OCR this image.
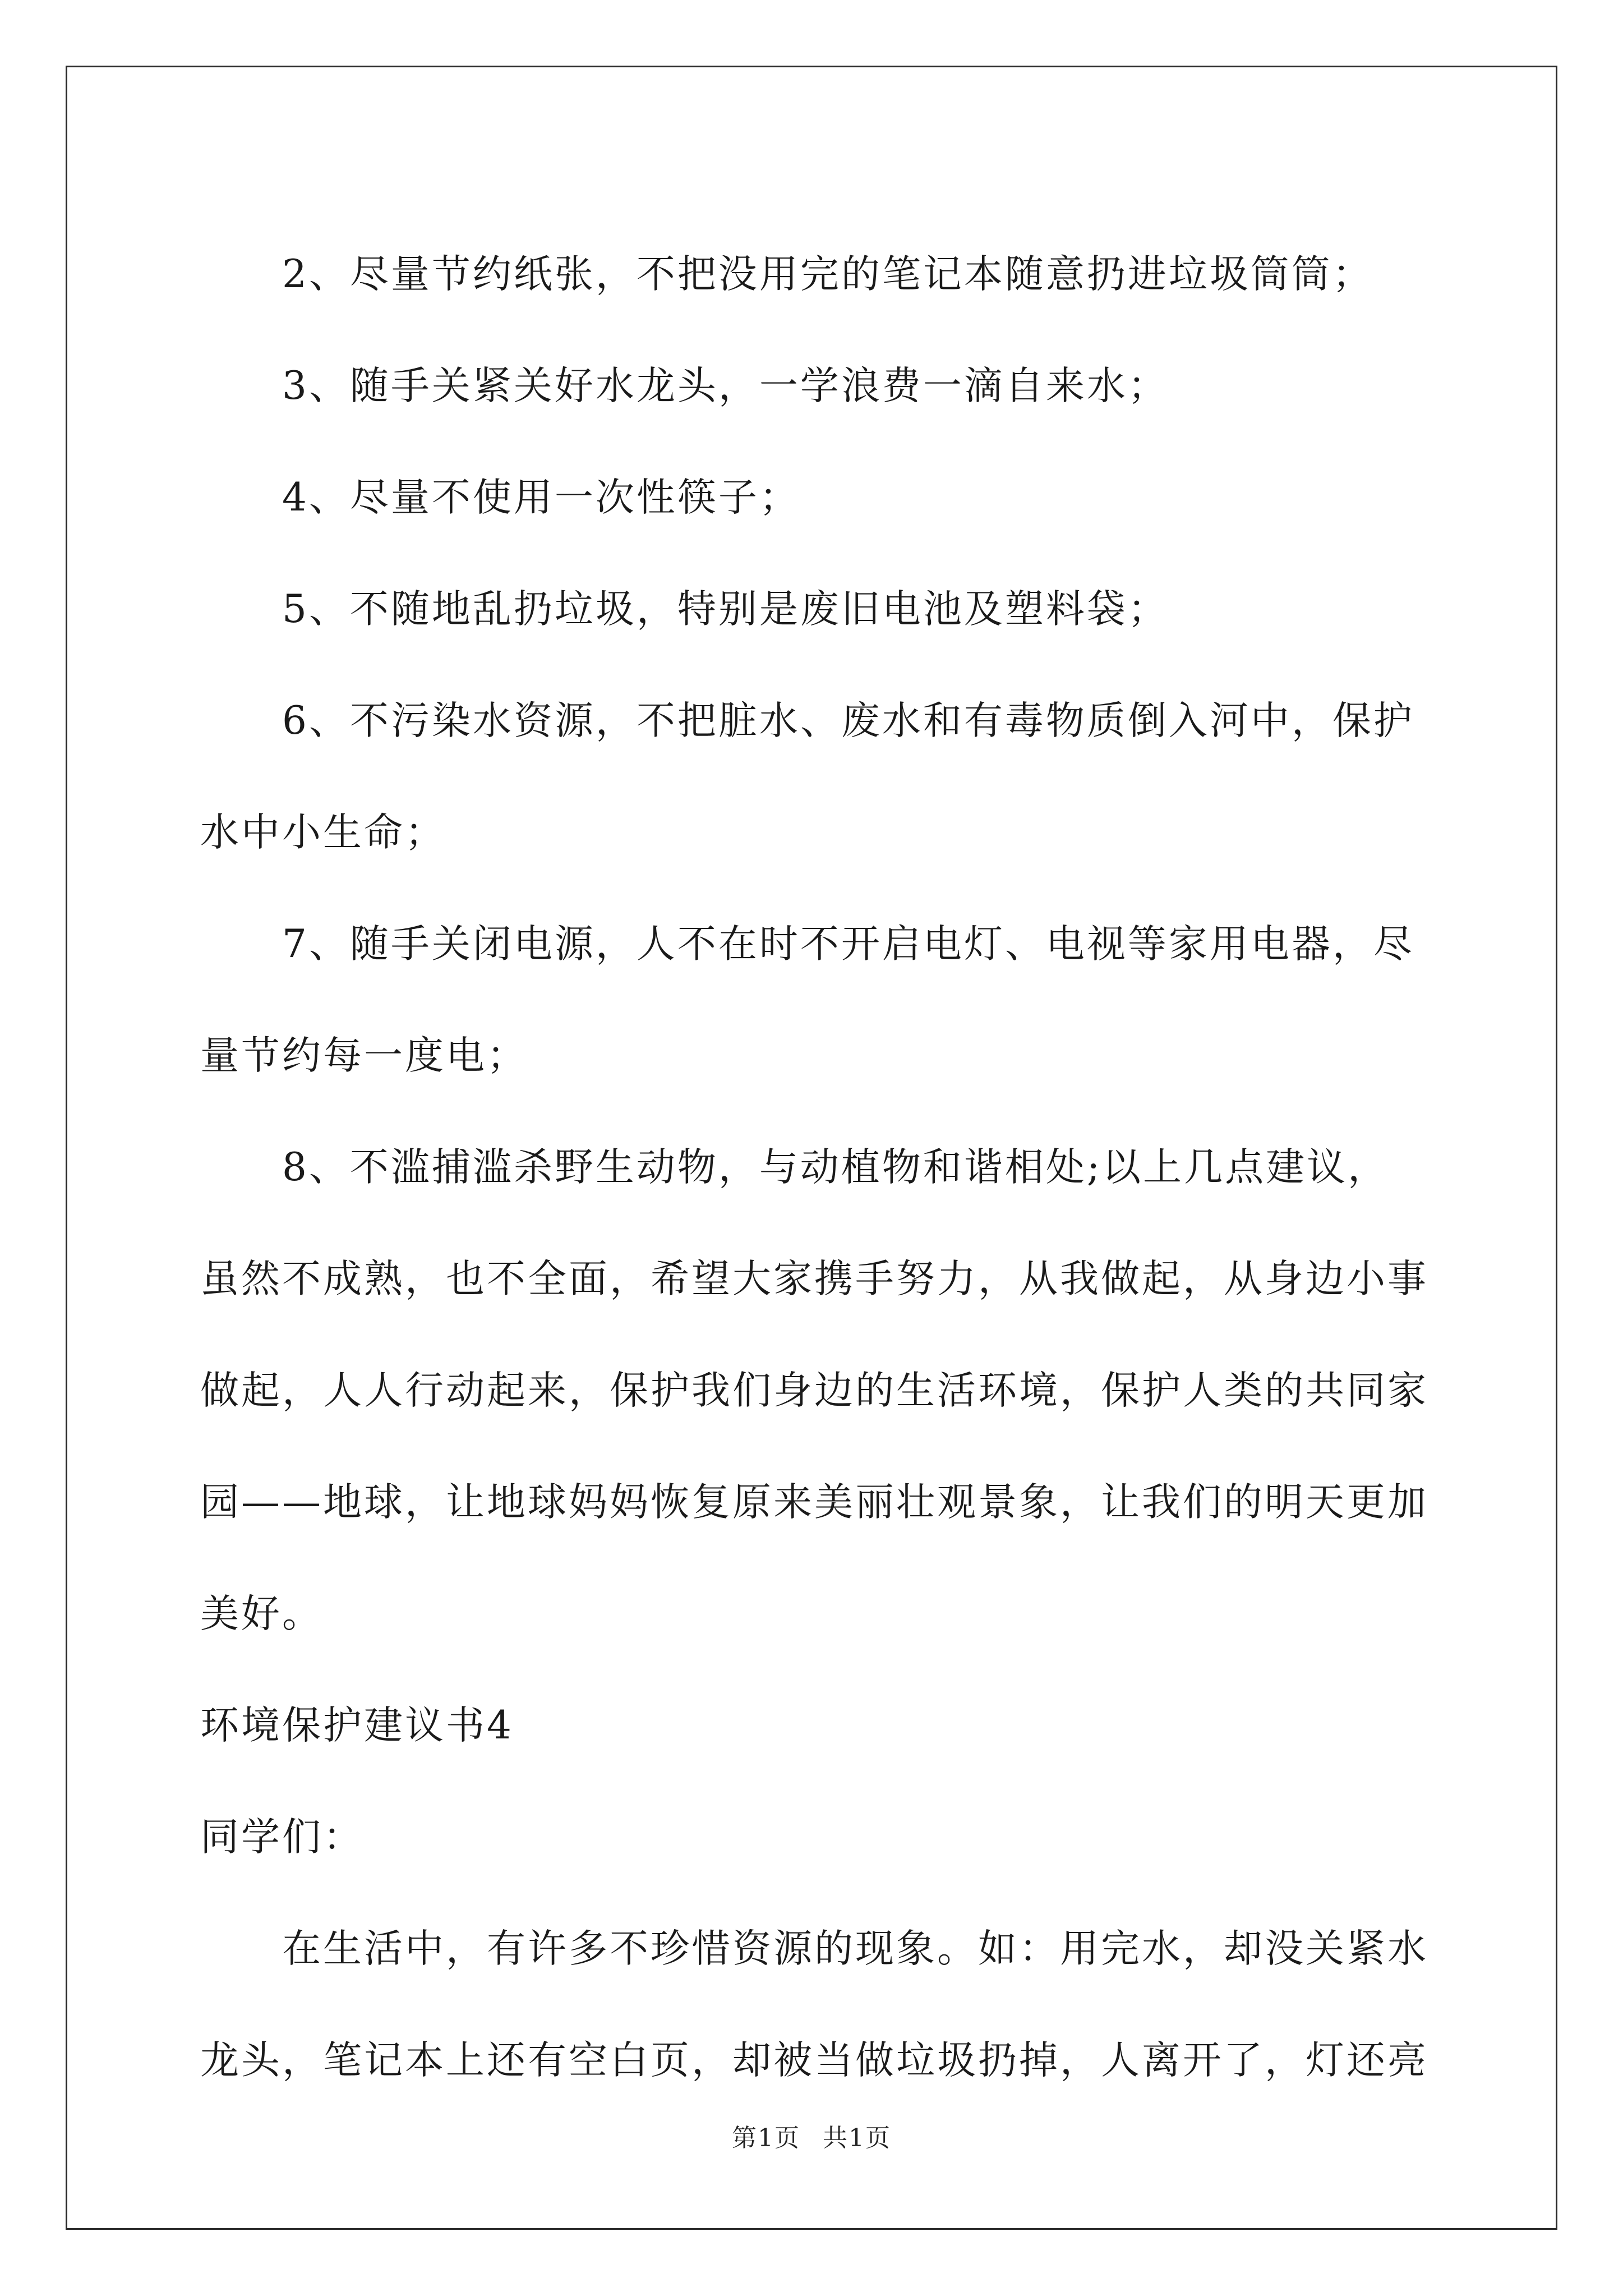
2、尽量节约纸张，不把没用完的笔记本随意扔进垃圾筒筒；

3、随手关紧关好水龙头，一学浪费一滴自来水；

4、尽量不使用一次性筷子；

5、不随地乱扔垃圾，特别是废旧电池及塑料袋；

6、不污染水资源，不把脏水、废水和有毒物质倒入河中，保护水中小生命；

7、随手关闭电源，人不在时不开启电灯、电视等家用电器，尽量节约每一度电；

8、不滥捕滥杀野生动物，与动植物和谐相处;以上几点建议，虽然不成熟，也不全面，希望大家携手努力，从我做起，从身边小事做起，人人行动起来，保护我们身边的生活环境，保护人类的共同家园——地球，让地球妈妈恢复原来美丽壮观景象，让我们的明天更加美好。

环境保护建议书4

同学们：

在生活中，有许多不珍惜资源的现象。如：用完水，却没关紧水龙头，笔记本上还有空白页，却被当做垃圾扔掉，人离开了，灯还亮

第1页 共1页
